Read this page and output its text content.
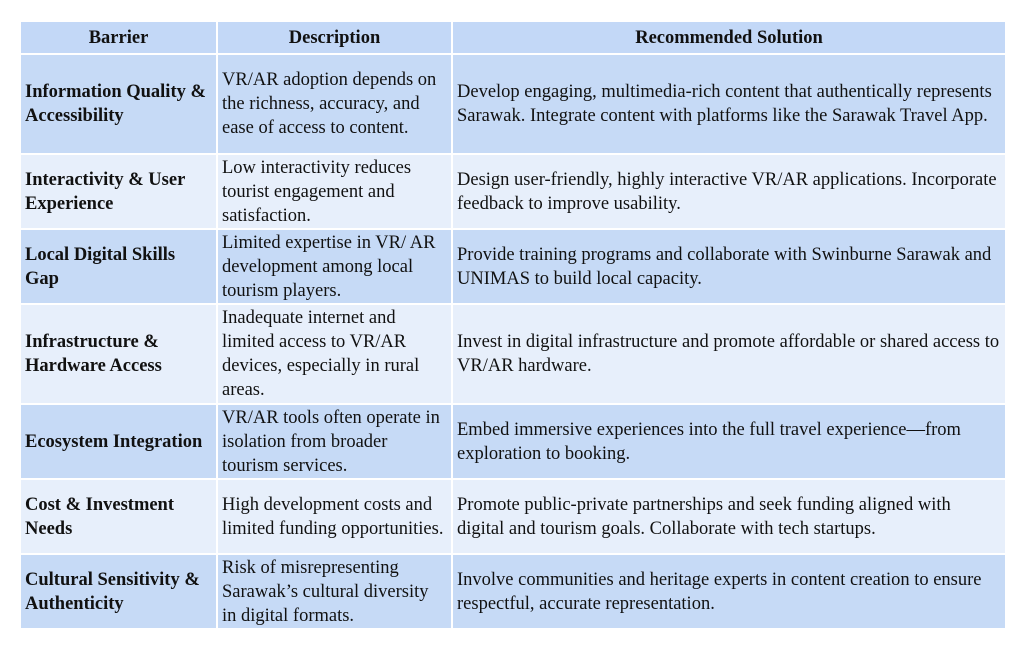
Barrier	Description	Recommended Solution
Information Quality & Accessibility	VR/AR adoption depends on the richness, accuracy, and ease of access to content.	Develop engaging, multimedia-rich content that authentically represents Sarawak. Integrate content with platforms like the Sarawak Travel App.
Interactivity & User Experience	Low interactivity reduces tourist engagement and satisfaction.	Design user-friendly, highly interactive VR/AR applications. Incorporate feedback to improve usability.
Local Digital Skills Gap	Limited expertise in VR/ AR development among local tourism players.	Provide training programs and collaborate with Swinburne Sarawak and UNIMAS to build local capacity.
Infrastructure & Hardware Access	Inadequate internet and limited access to VR/AR devices, especially in rural areas.	Invest in digital infrastructure and promote affordable or shared access to VR/AR hardware.
Ecosystem Integration	VR/AR tools often operate in isolation from broader tourism services.	Embed immersive experiences into the full travel experience—from exploration to booking.
Cost & Investment Needs	High development costs and limited funding opportunities.	Promote public-private partnerships and seek funding aligned with digital and tourism goals. Collaborate with tech startups.
Cultural Sensitivity & Authenticity	Risk of misrepresenting Sarawak’s cultural diversity in digital formats.	Involve communities and heritage experts in content creation to ensure respectful, accurate representation.
